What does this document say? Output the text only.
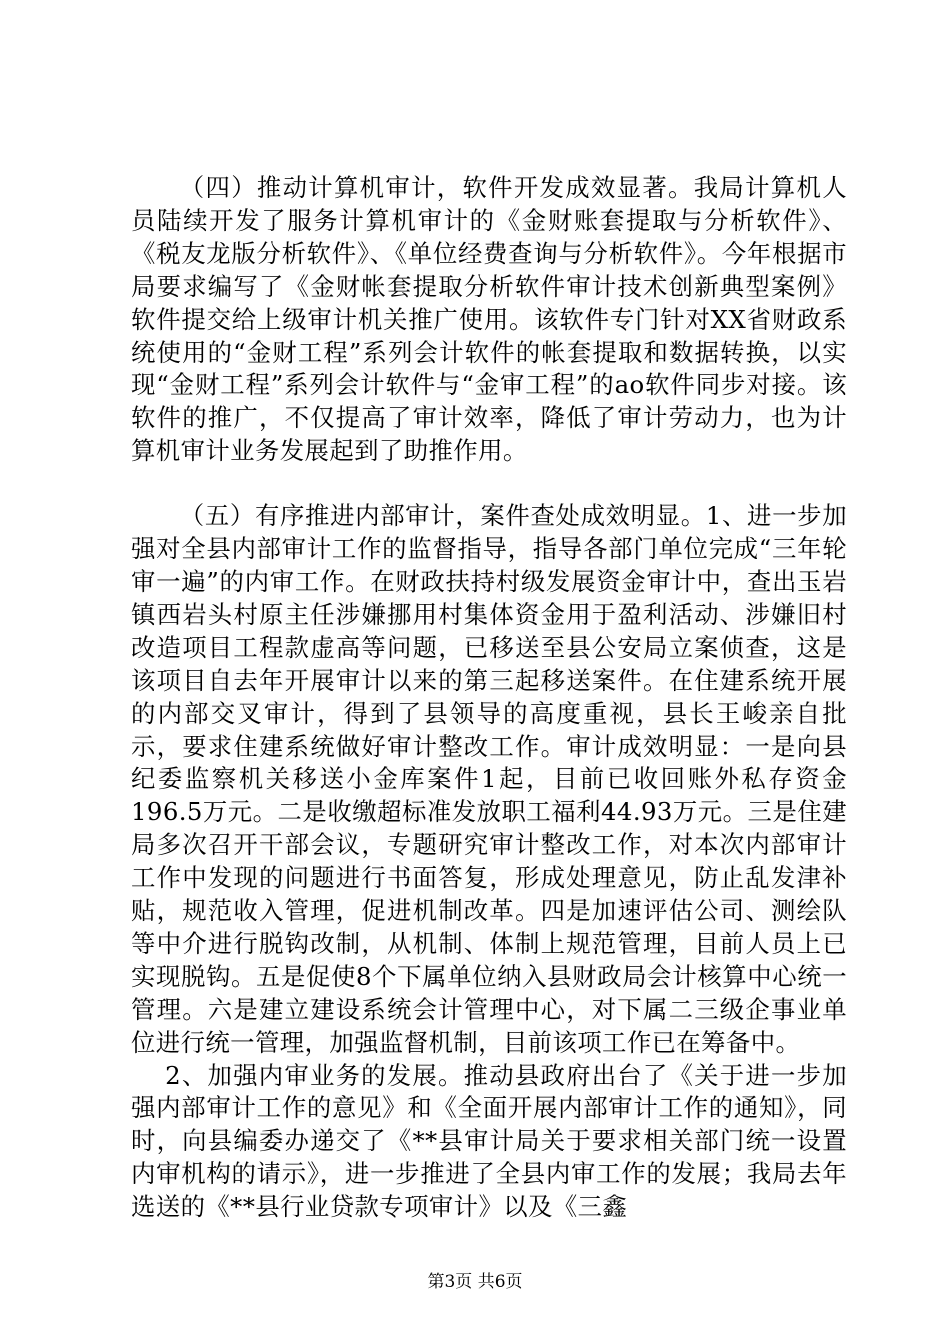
（四）推动计算机审计，软件开发成效显著。我局计算机人员陆续开发了服务计算机审计的《金财账套提取与分析软件》、《税友龙版分析软件》、《单位经费查询与分析软件》。今年根据市局要求编写了《金财帐套提取分析软件审计技术创新典型案例》软件提交给上级审计机关推广使用。该软件专门针对XX省财政系统使用的“金财工程”系列会计软件的帐套提取和数据转换，以实现“金财工程”系列会计软件与“金审工程”的ao软件同步对接。该软件的推广，不仅提高了审计效率，降低了审计劳动力，也为计算机审计业务发展起到了助推作用。

（五）有序推进内部审计，案件查处成效明显。1、进一步加强对全县内部审计工作的监督指导，指导各部门单位完成“三年轮审一遍”的内审工作。在财政扶持村级发展资金审计中，查出玉岩镇西岩头村原主任涉嫌挪用村集体资金用于盈利活动、涉嫌旧村改造项目工程款虚高等问题，已移送至县公安局立案侦查，这是该项目自去年开展审计以来的第三起移送案件。在住建系统开展的内部交叉审计，得到了县领导的高度重视，县长王峻亲自批示，要求住建系统做好审计整改工作。审计成效明显：一是向县纪委监察机关移送小金库案件1起，目前已收回账外私存资金196.5万元。二是收缴超标准发放职工福利44.93万元。三是住建局多次召开干部会议，专题研究审计整改工作，对本次内部审计工作中发现的问题进行书面答复，形成处理意见，防止乱发津补贴，规范收入管理，促进机制改革。四是加速评估公司、测绘队等中介进行脱钩改制，从机制、体制上规范管理，目前人员上已实现脱钩。五是促使8个下属单位纳入县财政局会计核算中心统一管理。六是建立建设系统会计管理中心，对下属二三级企事业单位进行统一管理，加强监督机制，目前该项工作已在筹备中。

2、加强内审业务的发展。推动县政府出台了《关于进一步加强内部审计工作的意见》和《全面开展内部审计工作的通知》，同时，向县编委办递交了《**县审计局关于要求相关部门统一设置内审机构的请示》，进一步推进了全县内审工作的发展；我局去年选送的《**县行业贷款专项审计》以及《三鑫

第3页 共6页
